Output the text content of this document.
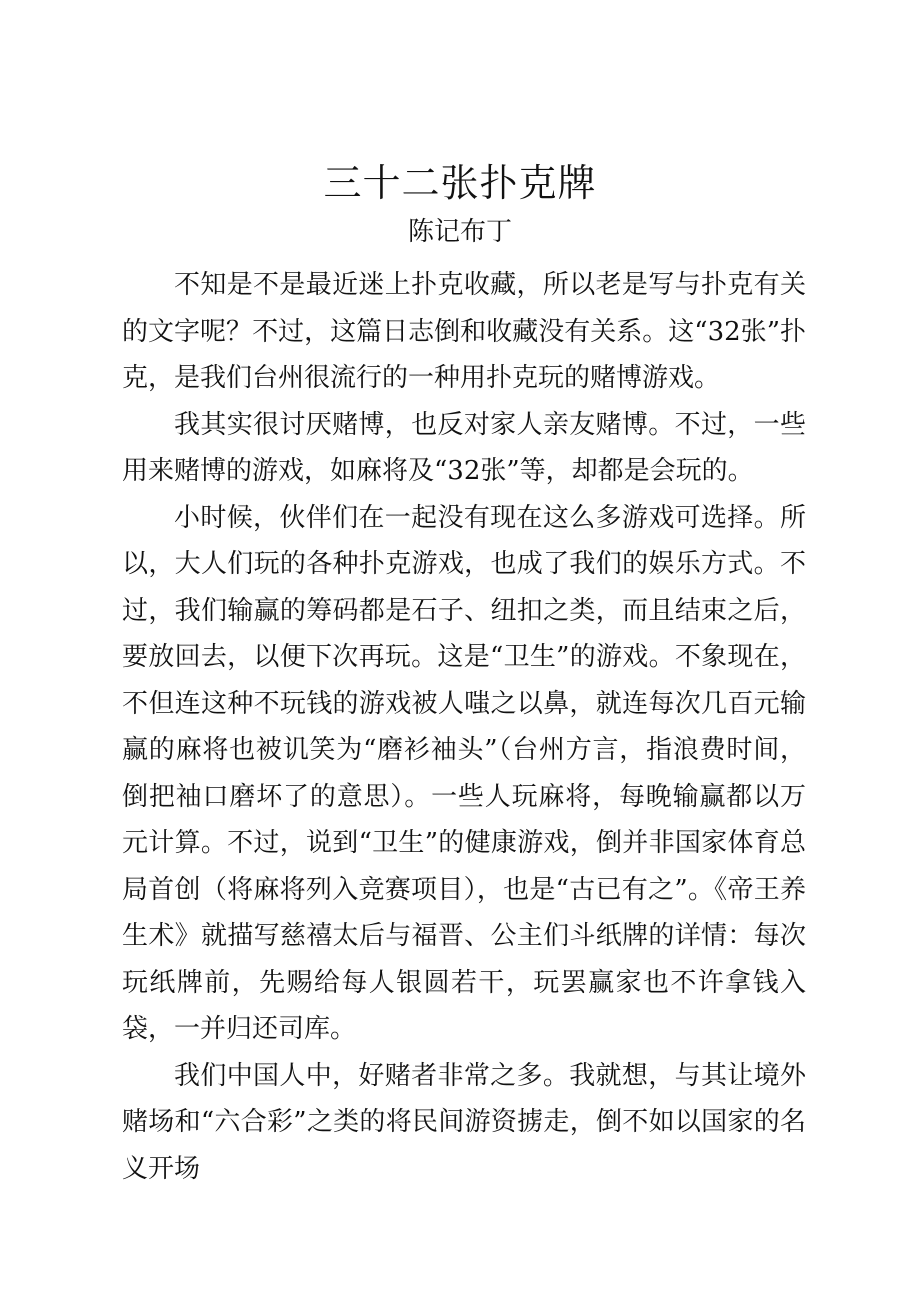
三十二张扑克牌
陈记布丁

不知是不是最近迷上扑克收藏，所以老是写与扑克有关的文字呢？不过，这篇日志倒和收藏没有关系。这“32张”扑克，是我们台州很流行的一种用扑克玩的赌博游戏。

我其实很讨厌赌博，也反对家人亲友赌博。不过，一些用来赌博的游戏，如麻将及“32张”等，却都是会玩的。

小时候，伙伴们在一起没有现在这么多游戏可选择。所以，大人们玩的各种扑克游戏，也成了我们的娱乐方式。不过，我们输赢的筹码都是石子、纽扣之类，而且结束之后，要放回去，以便下次再玩。这是“卫生”的游戏。不象现在，不但连这种不玩钱的游戏被人嗤之以鼻，就连每次几百元输赢的麻将也被讥笑为“磨衫袖头”（台州方言，指浪费时间，倒把袖口磨坏了的意思）。一些人玩麻将，每晚输赢都以万元计算。不过，说到“卫生”的健康游戏，倒并非国家体育总局首创（将麻将列入竞赛项目），也是“古已有之”。《帝王养生术》就描写慈禧太后与福晋、公主们斗纸牌的详情：每次玩纸牌前，先赐给每人银圆若干，玩罢赢家也不许拿钱入袋，一并归还司库。

我们中国人中，好赌者非常之多。我就想，与其让境外赌场和“六合彩”之类的将民间游资掳走，倒不如以国家的名义开场
